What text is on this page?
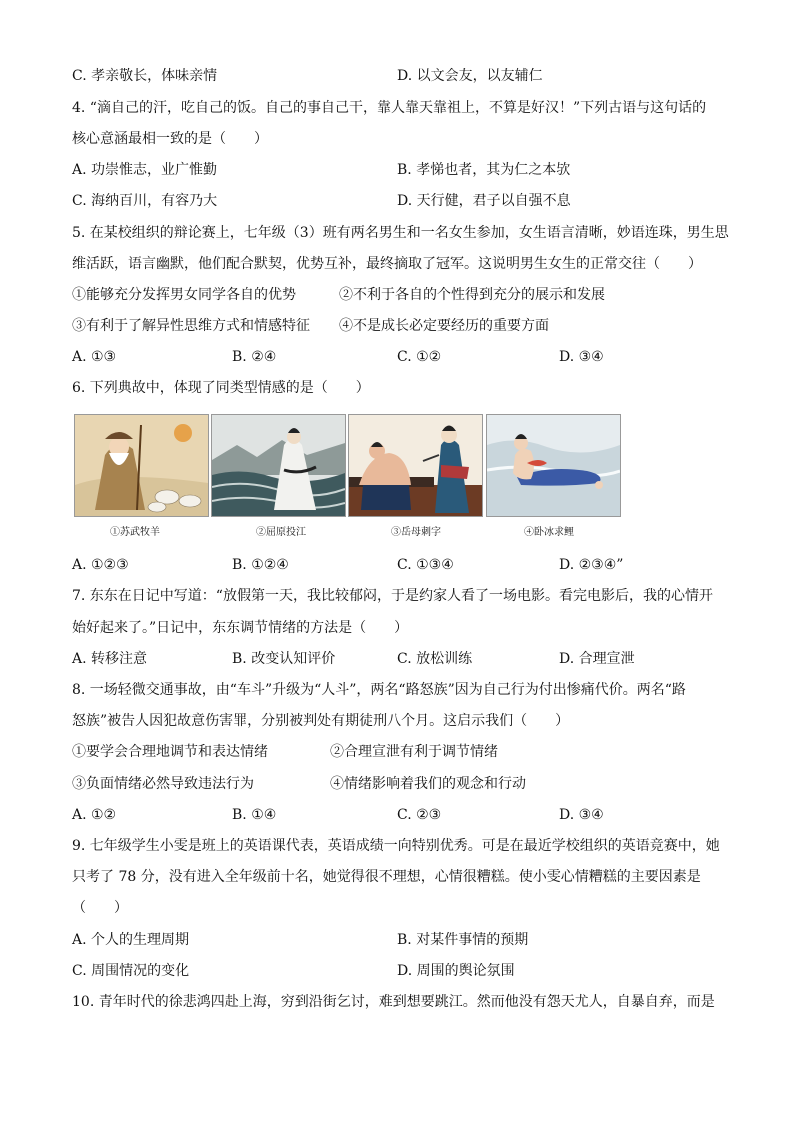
C. 孝亲敬长，体味亲情	D. 以文会友，以友辅仁
4. “滴自己的汗，吃自己的饭。自己的事自己干，靠人靠天靠祖上，不算是好汉！”下列古语与这句话的
核心意涵最相一致的是（　　）
A. 功崇惟志，业广惟勤	B. 孝悌也者，其为仁之本欤
C. 海纳百川，有容乃大	D. 天行健，君子以自强不息
5. 在某校组织的辩论赛上，七年级（3）班有两名男生和一名女生参加，女生语言清晰，妙语连珠，男生思
维活跃，语言幽默，他们配合默契，优势互补，最终摘取了冠军。这说明男生女生的正常交往（　　）
①能够充分发挥男女同学各自的优势	②不利于各自的个性得到充分的展示和发展
③有利于了解异性思维方式和情感特征 ④不是成长必定要经历的重要方面
A. ①③	B. ②④	C. ①②	D. ③④
6. 下列典故中，体现了同类型情感的是（　　）
①苏武牧羊	②屈原投江	③岳母刺字	④卧冰求鲤
A. ①②③	B. ①②④	C. ①③④	D. ②③④”
7. 东东在日记中写道：“放假第一天，我比较郁闷，于是约家人看了一场电影。看完电影后，我的心情开
始好起来了。”日记中，东东调节情绪的方法是（　　）
A. 转移注意	B. 改变认知评价	C. 放松训练	D. 合理宣泄
8. 一场轻微交通事故，由“车斗”升级为“人斗”，两名“路怒族”因为自己行为付出惨痛代价。两名“路
怒族”被告人因犯故意伤害罪，分别被判处有期徒刑八个月。这启示我们（　　）
①要学会合理地调节和表达情绪	②合理宣泄有利于调节情绪
③负面情绪必然导致违法行为	④情绪影响着我们的观念和行动
A. ①②	B. ①④	C. ②③	D. ③④
9. 七年级学生小雯是班上的英语课代表，英语成绩一向特别优秀。可是在最近学校组织的英语竞赛中，她
只考了 78 分，没有进入全年级前十名，她觉得很不理想，心情很糟糕。使小雯心情糟糕的主要因素是
（　　）
A. 个人的生理周期	B. 对某件事情的预期
C. 周围情况的变化	D. 周围的舆论氛围
10. 青年时代的徐悲鸿四赴上海，穷到沿街乞讨，难到想要跳江。然而他没有怨天尤人，自暴自弃，而是
